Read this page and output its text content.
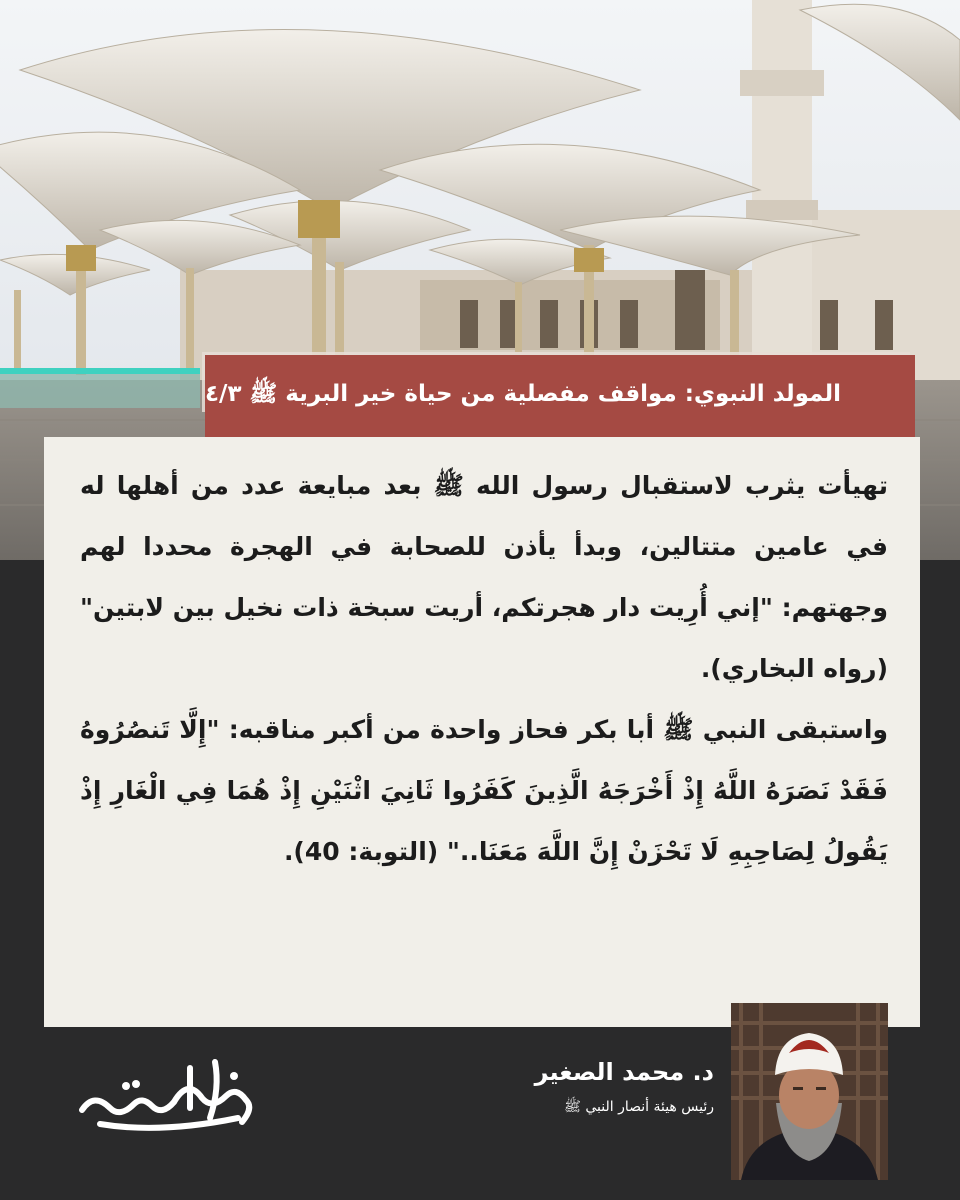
المولد النبوي: مواقف مفصلية من حياة خير البرية ﷺ ٤/٣

تهيأت يثرب لاستقبال رسول الله ﷺ بعد مبايعة عدد من أهلها له في عامين متتالين، وبدأ يأذن للصحابة في الهجرة محددا لهم وجهتهم: "إني أُرِيت دار هجرتكم، أريت سبخة ذات نخيل بين لابتين" (رواه البخاري).

واستبقى النبي ﷺ أبا بكر فحاز واحدة من أكبر مناقبه: "إِلَّا تَنصُرُوهُ فَقَدْ نَصَرَهُ اللَّهُ إِذْ أَخْرَجَهُ الَّذِينَ كَفَرُوا ثَانِيَ اثْنَيْنِ إِذْ هُمَا فِي الْغَارِ إِذْ يَقُولُ لِصَاحِبِهِ لَا تَحْزَنْ إِنَّ اللَّهَ مَعَنَا.." (التوبة: 40).

د. محمد الصغير
رئيس هيئة أنصار النبي ﷺ
